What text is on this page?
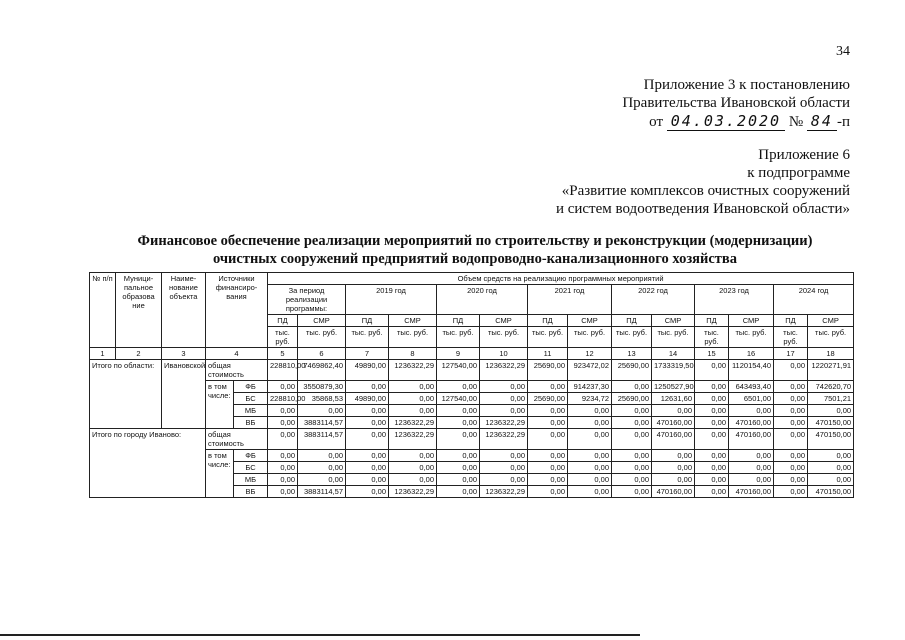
34
Приложение 3 к постановлению
Правительства Ивановской области
от 04.03.2020 № 84 -п
Приложение 6
к подпрограмме
«Развитие комплексов очистных сооружений
и систем водоотведения Ивановской области»
Финансовое обеспечение реализации мероприятий по строительству и реконструкции (модернизации)
очистных сооружений предприятий водопроводно-канализационного хозяйства
№ п/п	Муници-пальное образова ние	Наиме-нование объекта	Источники финансиро-вания		Объем средств на реализацию программных мероприятий													
					За период реализации программы:		2019 год		2020 год		2021 год		2022 год		2023 год		2024 год	
					ПД	СМР	ПД	СМР	ПД	СМР	ПД	СМР	ПД	СМР	ПД	СМР	ПД	СМР
					тыс. руб.	тыс. руб.	тыс. руб.	тыс. руб.	тыс. руб.	тыс. руб.	тыс. руб.	тыс. руб.	тыс. руб.	тыс. руб.	тыс. руб.	тыс. руб.	тыс. руб.	тыс. руб.
1	2	3	4		5	6	7	8	9	10	11	12	13	14	15	16	17	18
Итого по области:		Ивановской	общая стоимость		228810,00	7469862,40	49890,00	1236322,29	127540,00	1236322,29	25690,00	923472,02	25690,00	1733319,50	0,00	1120154,40	0,00	1220271,91
			в том числе:	ФБ	0,00	3550879,30	0,00	0,00	0,00	0,00	0,00	914237,30	0,00	1250527,90	0,00	643493,40	0,00	742620,70
				БС	228810,00	35868,53	49890,00	0,00	127540,00	0,00	25690,00	9234,72	25690,00	12631,60	0,00	6501,00	0,00	7501,21
				МБ	0,00	0,00	0,00	0,00	0,00	0,00	0,00	0,00	0,00	0,00	0,00	0,00	0,00	0,00
				ВБ	0,00	3883114,57	0,00	1236322,29	0,00	1236322,29	0,00	0,00	0,00	470160,00	0,00	470160,00	0,00	470150,00
Итого по городу Иваново:			общая стоимость		0,00	3883114,57	0,00	1236322,29	0,00	1236322,29	0,00	0,00	0,00	470160,00	0,00	470160,00	0,00	470150,00
			в том числе:	ФБ	0,00	0,00	0,00	0,00	0,00	0,00	0,00	0,00	0,00	0,00	0,00	0,00	0,00	0,00
				БС	0,00	0,00	0,00	0,00	0,00	0,00	0,00	0,00	0,00	0,00	0,00	0,00	0,00	0,00
				МБ	0,00	0,00	0,00	0,00	0,00	0,00	0,00	0,00	0,00	0,00	0,00	0,00	0,00	0,00
				ВБ	0,00	3883114,57	0,00	1236322,29	0,00	1236322,29	0,00	0,00	0,00	470160,00	0,00	470160,00	0,00	470150,00
